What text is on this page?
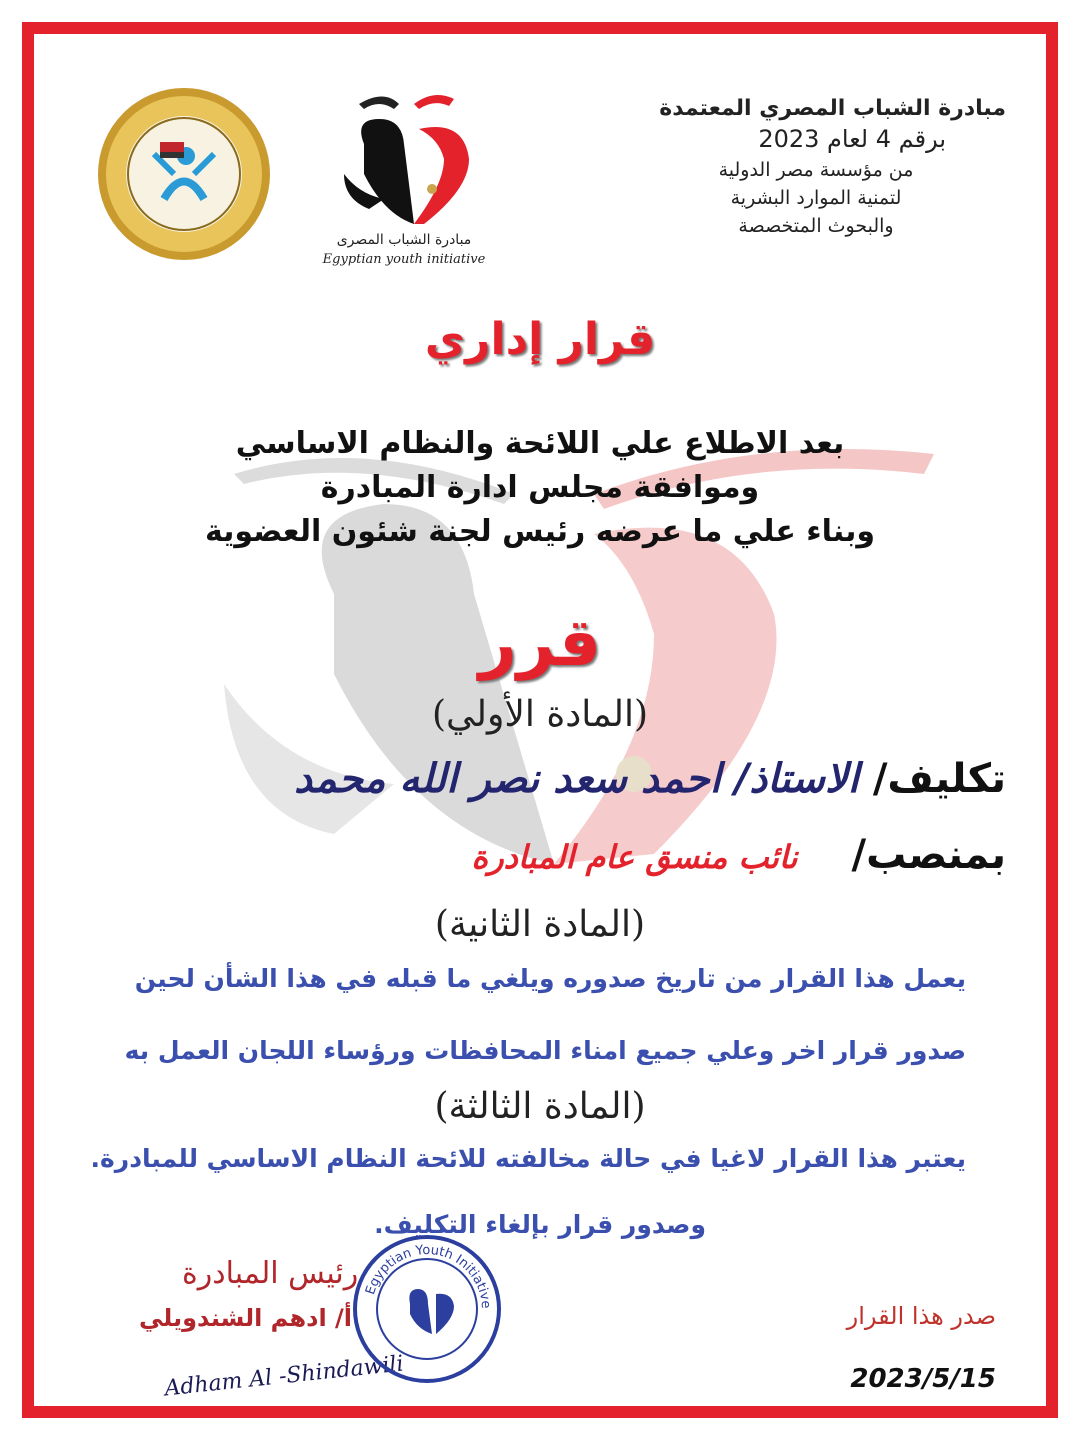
مبادرة الشباب المصري المعتمدة
برقم 4 لعام 2023
من مؤسسة مصر الدولية
لتمنية الموارد البشرية
والبحوث المتخصصة
مبادرة الشباب المصرى
Egyptian youth initiative
قرار إداري
بعد الاطلاع علي اللائحة والنظام الاساسي
وموافقة مجلس ادارة المبادرة
وبناء علي ما عرضه رئيس لجنة شئون العضوية
قرر
(المادة الأولي)
تكليف/ الاستاذ/ احمد سعد نصر الله محمد
بمنصب/ نائب منسق عام المبادرة
(المادة الثانية)
يعمل هذا القرار من تاريخ صدوره ويلغي ما قبله في هذا الشأن لحين
صدور قرار اخر وعلي جميع امناء المحافظات ورؤساء اللجان العمل به
(المادة الثالثة)
يعتبر هذا القرار لاغيا في حالة مخالفته للائحة النظام الاساسي للمبادرة.
وصدور قرار بإلغاء التكليف.
رئيس المبادرة
أ/ ادهم الشندويلي
Adham Al -Shindawili
Egyptian Youth Initiative	صدر هذا القرار
2023/5/15
